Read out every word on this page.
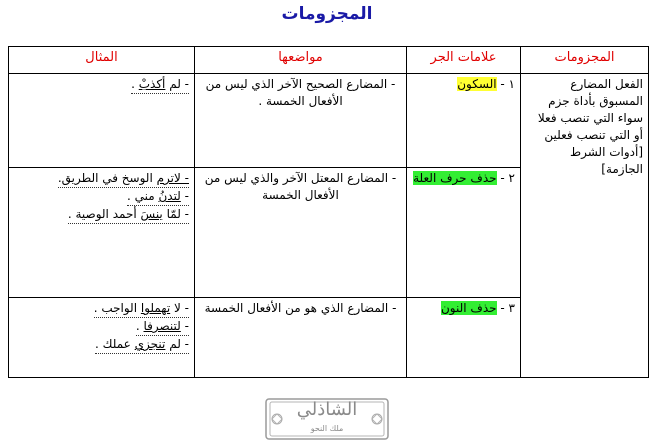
المجزومات
المجزومات	علامات الجر	مواضعها	المثال
الفعل المضارع المسبوق بأداة جزم سواء التي تنصب فعلا أو التي تنصب فعلين [أدوات الشرط الجازمة]	١ - السكون	- المضارع الصحيح الآخر الذي ليس من الأفعال الخمسة .	- لم أكذبْ .
	٢ - حذف حرف العلة	- المضارع المعتل الآخر والذي ليس من الأفعال الخمسة	- لاترم الوسخ في الطريق.
- لتدنُ مني .
- لمّا ينسَ أحمد الوصية .
	٣ - حذف النون	- المضارع الذي هو من الأفعال الخمسة	- لا تهملوا الواجب .
- لتنصرفا .
- لم تنجزي عملك .
الشاذلي
ملك النحو
